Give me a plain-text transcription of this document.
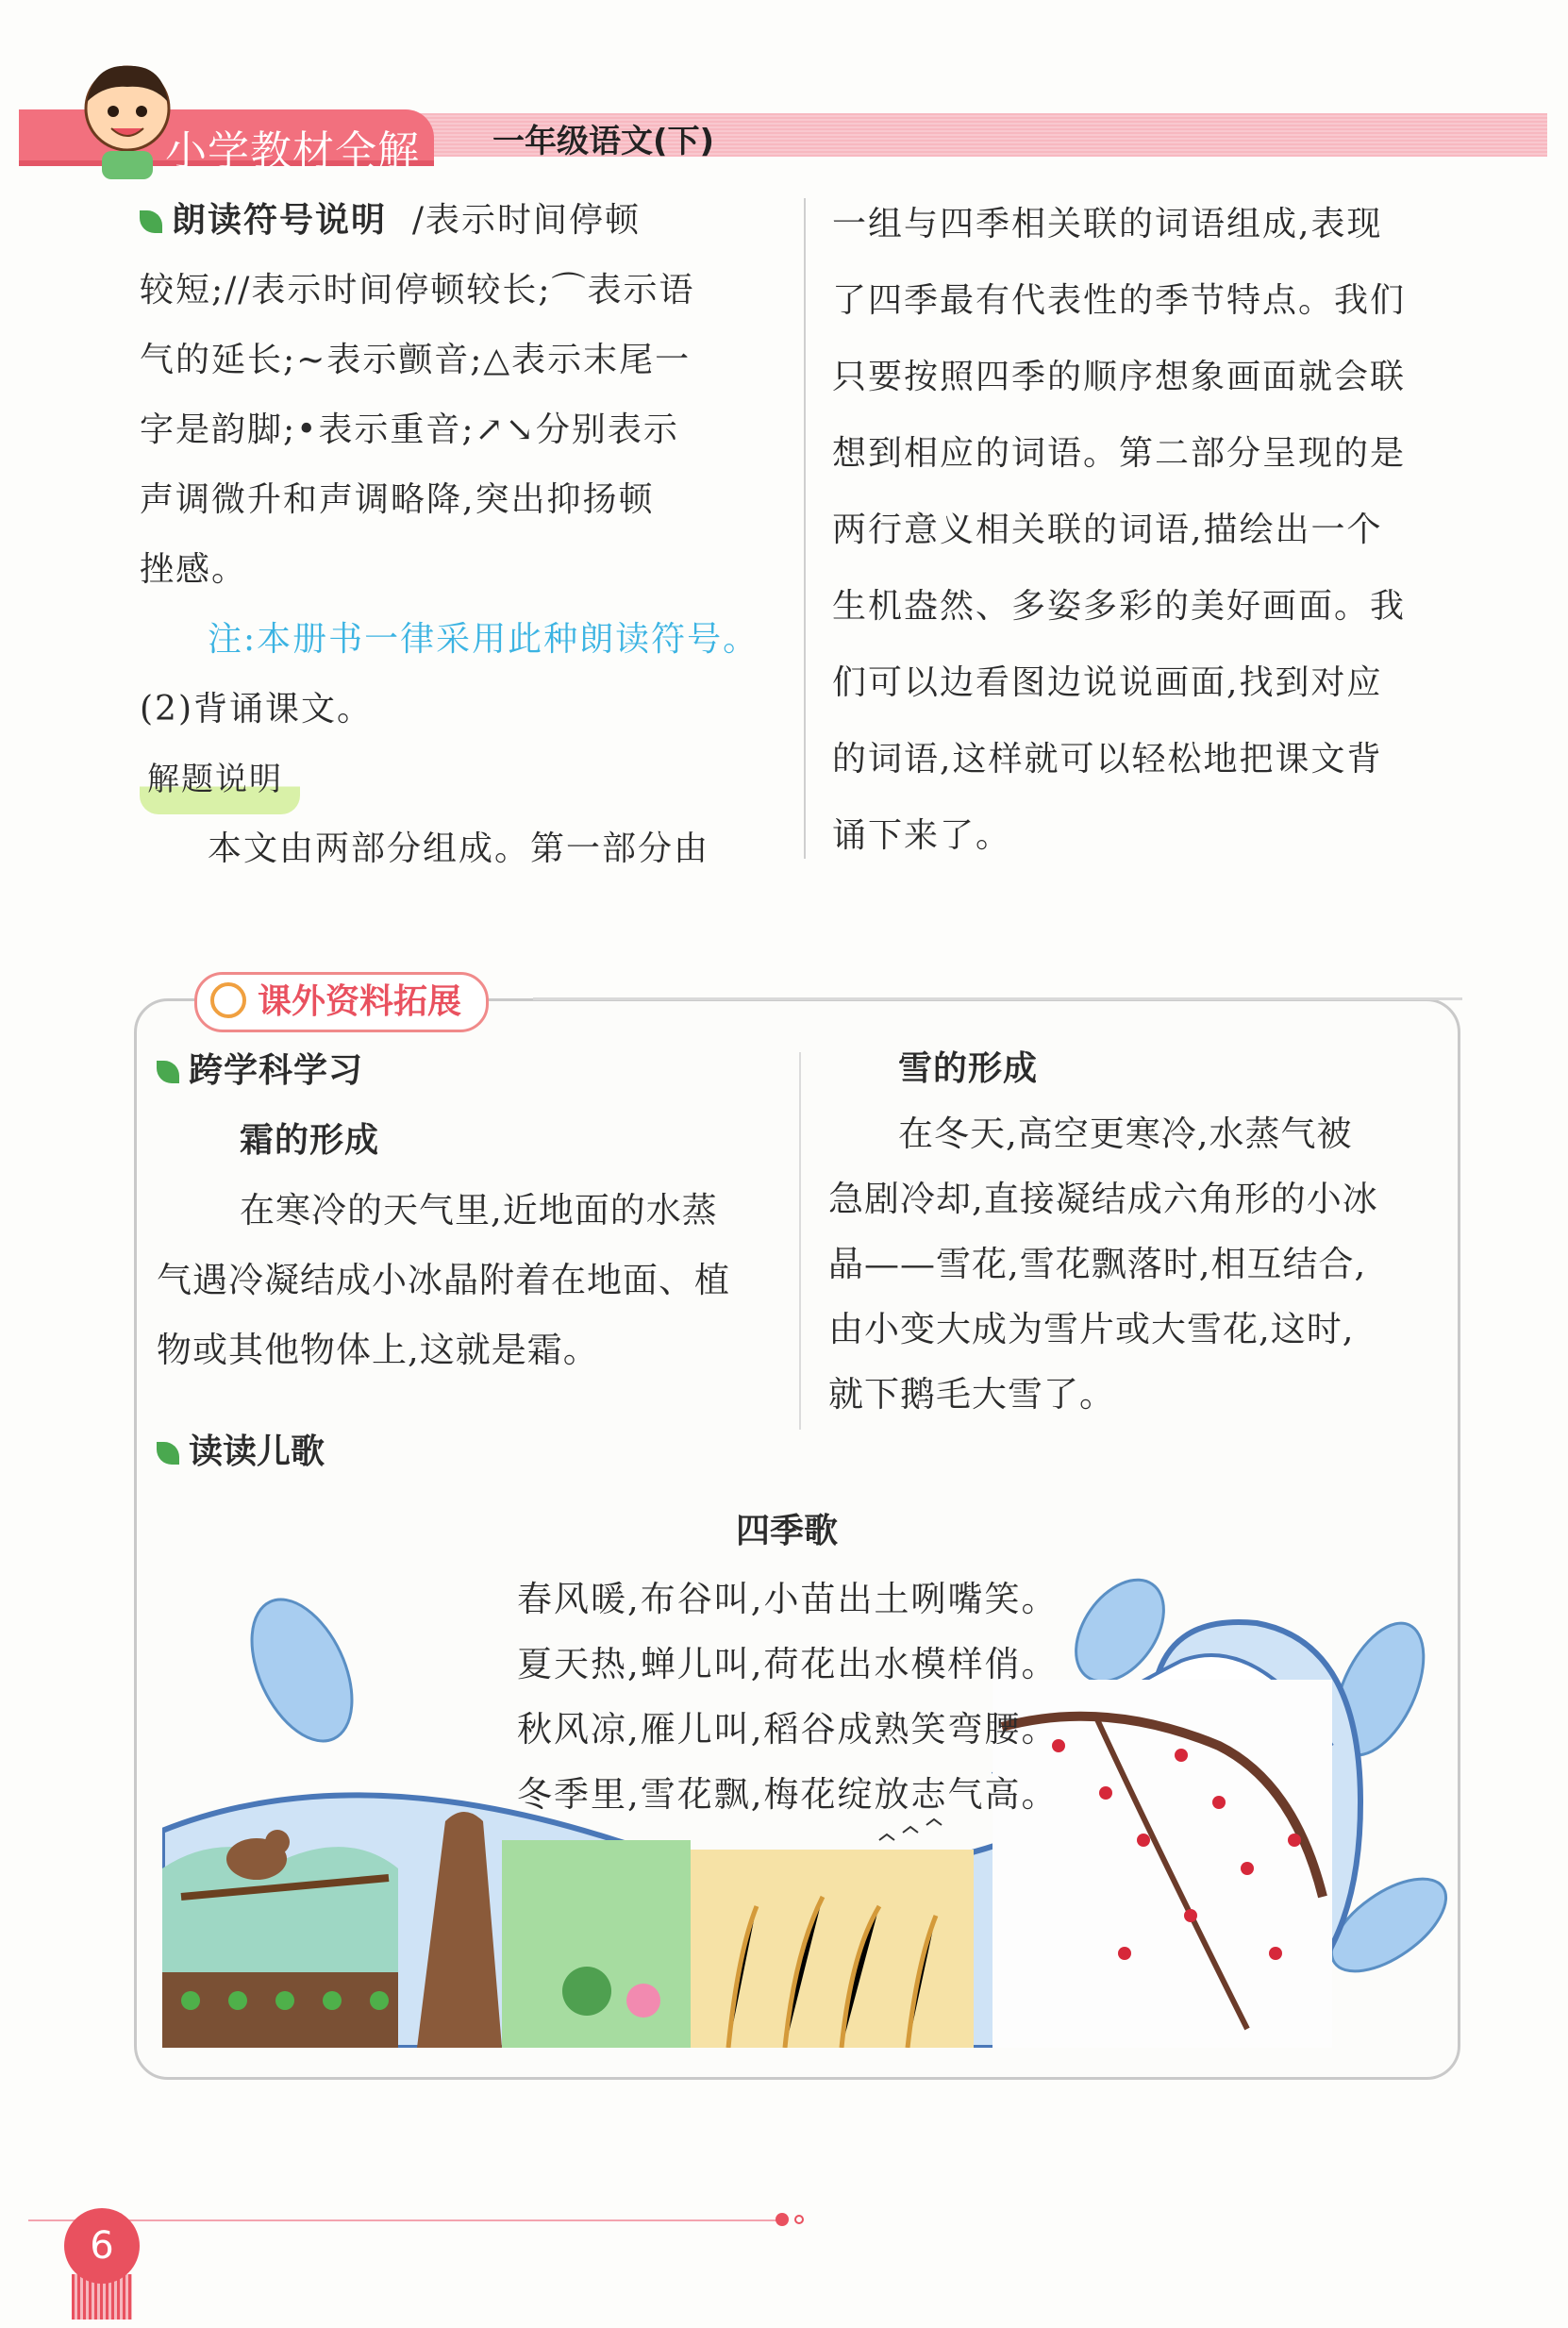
小学教材全解 一年级语文(下)
朗读符号说明 /表示时间停顿
较短;//表示时间停顿较长;⌒表示语
气的延长;~表示颤音;△表示末尾一
字是韵脚;•表示重音;↗↘分别表示
声调微升和声调略降,突出抑扬顿
挫感。
注:本册书一律采用此种朗读符号。
(2)背诵课文。
解题说明
本文由两部分组成。第一部分由
一组与四季相关联的词语组成,表现
了四季最有代表性的季节特点。我们
只要按照四季的顺序想象画面就会联
想到相应的词语。第二部分呈现的是
两行意义相关联的词语,描绘出一个
生机盎然、多姿多彩的美好画面。我
们可以边看图边说说画面,找到对应
的词语,这样就可以轻松地把课文背
诵下来了。
课外资料拓展
跨学科学习
霜的形成
在寒冷的天气里,近地面的水蒸
气遇冷凝结成小冰晶附着在地面、植
物或其他物体上,这就是霜。
雪的形成
在冬天,高空更寒冷,水蒸气被
急剧冷却,直接凝结成六角形的小冰
晶——雪花,雪花飘落时,相互结合,
由小变大成为雪片或大雪花,这时,
就下鹅毛大雪了。
读读儿歌
四季歌
春风暖,布谷叫,小苗出土咧嘴笑。
夏天热,蝉儿叫,荷花出水模样俏。
秋风凉,雁儿叫,稻谷成熟笑弯腰。
冬季里,雪花飘,梅花绽放志气高。
6
